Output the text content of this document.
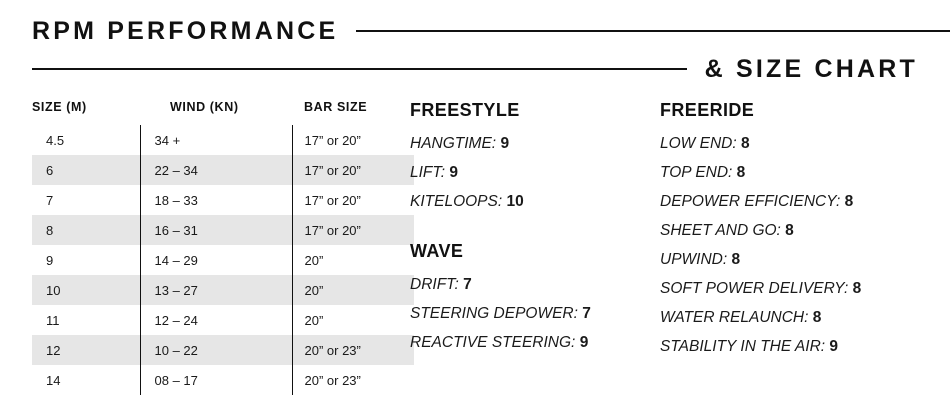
RPM PERFORMANCE
& SIZE CHART
SIZE (M)	WIND (KN)	BAR SIZE
4.5	34 +	17” or 20”
6	22 – 34	17” or 20”
7	18 – 33	17” or 20”
8	16 – 31	17” or 20”
9	14 – 29	20”
10	13 – 27	20”
11	12 – 24	20”
12	10 – 22	20” or 23”
14	08 – 17	20” or 23”
FREESTYLE
HANGTIME: 9
LIFT: 9
KITELOOPS: 10
WAVE
DRIFT: 7
STEERING DEPOWER: 7
REACTIVE STEERING: 9
FREERIDE
LOW END: 8
TOP END: 8
DEPOWER EFFICIENCY: 8
SHEET AND GO: 8
UPWIND: 8
SOFT POWER DELIVERY: 8
WATER RELAUNCH: 8
STABILITY IN THE AIR: 9
